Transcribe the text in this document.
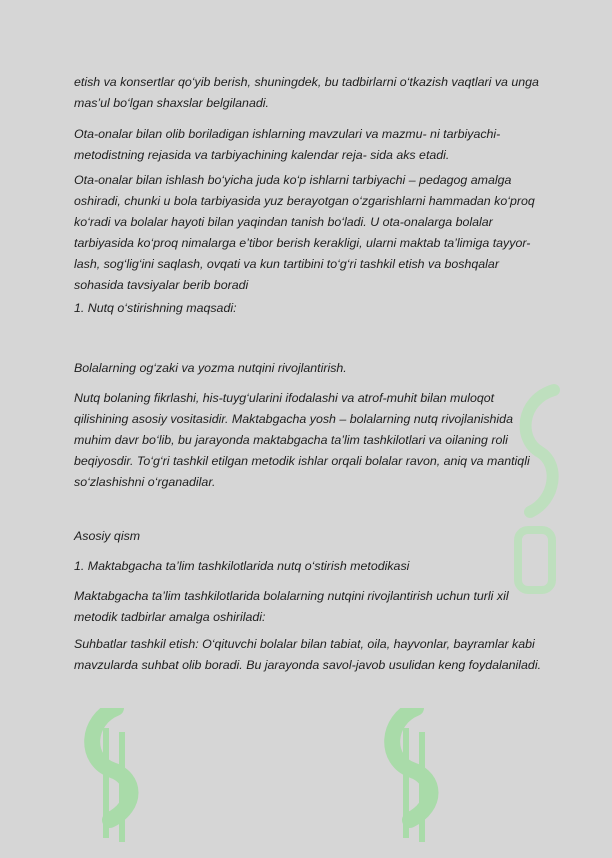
etish va konsertlar qo‘yib berish, shuningdek, bu tadbirlarni o‘tkazish vaqtlari va unga mas’ul bo‘lgan shaxslar belgilanadi.

Ota-onalar bilan olib boriladigan ishlarning mavzulari va mazmu- ni tarbiyachi-metodistning rejasida va tarbiyachining kalendar reja- sida aks etadi.

Ota-onalar bilan ishlash bo‘yicha juda ko‘p ishlarni tarbiyachi – pedagog amalga oshiradi, chunki u bola tarbiyasida yuz berayotgan o‘zgarishlarni hammadan ko‘proq ko‘radi va bolalar hayoti bilan yaqindan tanish bo‘ladi. U ota-onalarga bolalar tarbiyasida ko‘proq nimalarga e’tibor berish kerakligi, ularni maktab ta’limiga tayyor- lash, sog‘lig‘ini saqlash, ovqati va kun tartibini to‘g‘ri tashkil etish va boshqalar sohasida tavsiyalar berib boradi

1. Nutq o‘stirishning maqsadi:

Bolalarning og‘zaki va yozma nutqini rivojlantirish.

Nutq bolaning fikrlashi, his-tuyg‘ularini ifodalashi va atrof-muhit bilan muloqot qilishining asosiy vositasidir. Maktabgacha yosh – bolalarning nutq rivojlanishida muhim davr bo‘lib, bu jarayonda maktabgacha ta’lim tashkilotlari va oilaning roli beqiyosdir. To‘g‘ri tashkil etilgan metodik ishlar orqali bolalar ravon, aniq va mantiqli so‘zlashishni o‘rganadilar.

Asosiy qism

1. Maktabgacha ta’lim tashkilotlarida nutq o‘stirish metodikasi

Maktabgacha ta’lim tashkilotlarida bolalarning nutqini rivojlantirish uchun turli xil metodik tadbirlar amalga oshiriladi:

Suhbatlar tashkil etish: O‘qituvchi bolalar bilan tabiat, oila, hayvonlar, bayramlar kabi mavzularda suhbat olib boradi. Bu jarayonda savol-javob usulidan keng foydalaniladi.
